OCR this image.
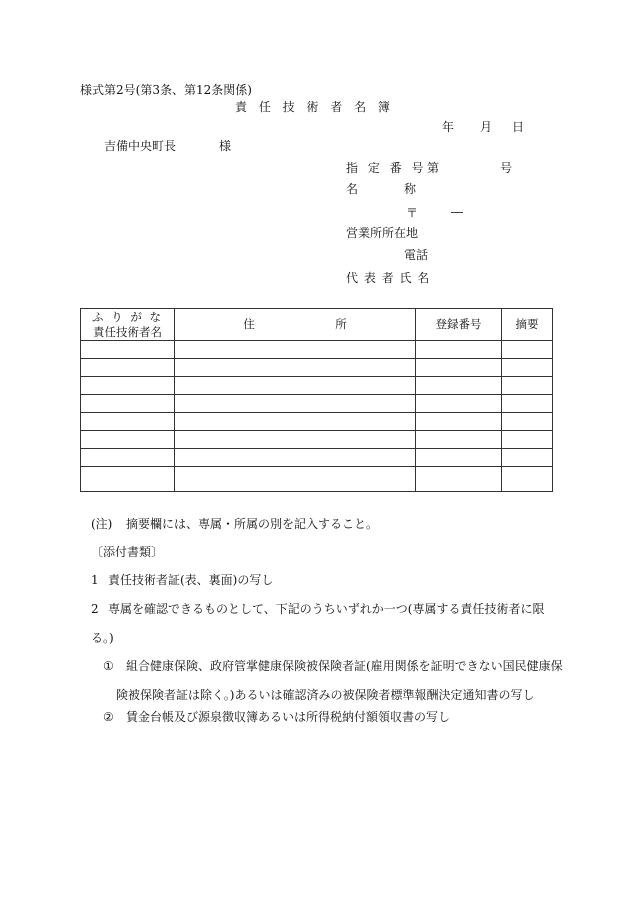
様式第2号(第3条、第12条関係)
責 任 技 術 者 名 簿
年 月 日
吉備中央町長	様
指 定 番 号 第	号
名	称
〒	―
営業所所在地
電話
代 表 者 氏 名
ふ り が な
責任技術者名	住　　　　　　　所	登録番号	摘要

(注) 摘要欄には、専属・所属の別を記入すること。
〔添付書類〕
1 責任技術者証(表、裏面)の写し
2 専属を確認できるものとして、下記のうちいずれか一つ(専属する責任技術者に限
る。)
① 組合健康保険、政府管掌健康保険被保険者証(雇用関係を証明できない国民健康保
険被保険者証は除く。)あるいは確認済みの被保険者標準報酬決定通知書の写し
② 賃金台帳及び源泉徴収簿あるいは所得税納付額領収書の写し
